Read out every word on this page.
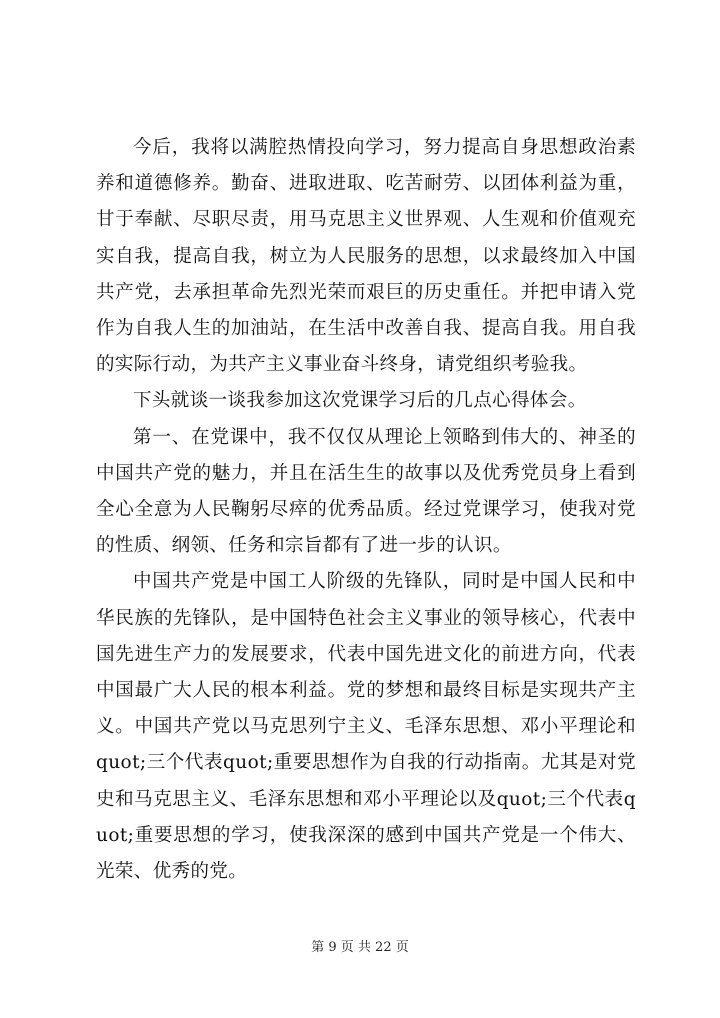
今后，我将以满腔热情投向学习，努力提高自身思想政治素养和道德修养。勤奋、进取进取、吃苦耐劳、以团体利益为重，甘于奉献、尽职尽责，用马克思主义世界观、人生观和价值观充实自我，提高自我，树立为人民服务的思想，以求最终加入中国共产党，去承担革命先烈光荣而艰巨的历史重任。并把申请入党作为自我人生的加油站，在生活中改善自我、提高自我。用自我的实际行动，为共产主义事业奋斗终身，请党组织考验我。

下头就谈一谈我参加这次党课学习后的几点心得体会。

第一、在党课中，我不仅仅从理论上领略到伟大的、神圣的中国共产党的魅力，并且在活生生的故事以及优秀党员身上看到全心全意为人民鞠躬尽瘁的优秀品质。经过党课学习，使我对党的性质、纲领、任务和宗旨都有了进一步的认识。

中国共产党是中国工人阶级的先锋队，同时是中国人民和中华民族的先锋队，是中国特色社会主义事业的领导核心，代表中国先进生产力的发展要求，代表中国先进文化的前进方向，代表中国最广大人民的根本利益。党的梦想和最终目标是实现共产主义。中国共产党以马克思列宁主义、毛泽东思想、邓小平理论和quot;三个代表quot;重要思想作为自我的行动指南。尤其是对党史和马克思主义、毛泽东思想和邓小平理论以及quot;三个代表quot;重要思想的学习，使我深深的感到中国共产党是一个伟大、光荣、优秀的党。

第 9 页 共 22 页
